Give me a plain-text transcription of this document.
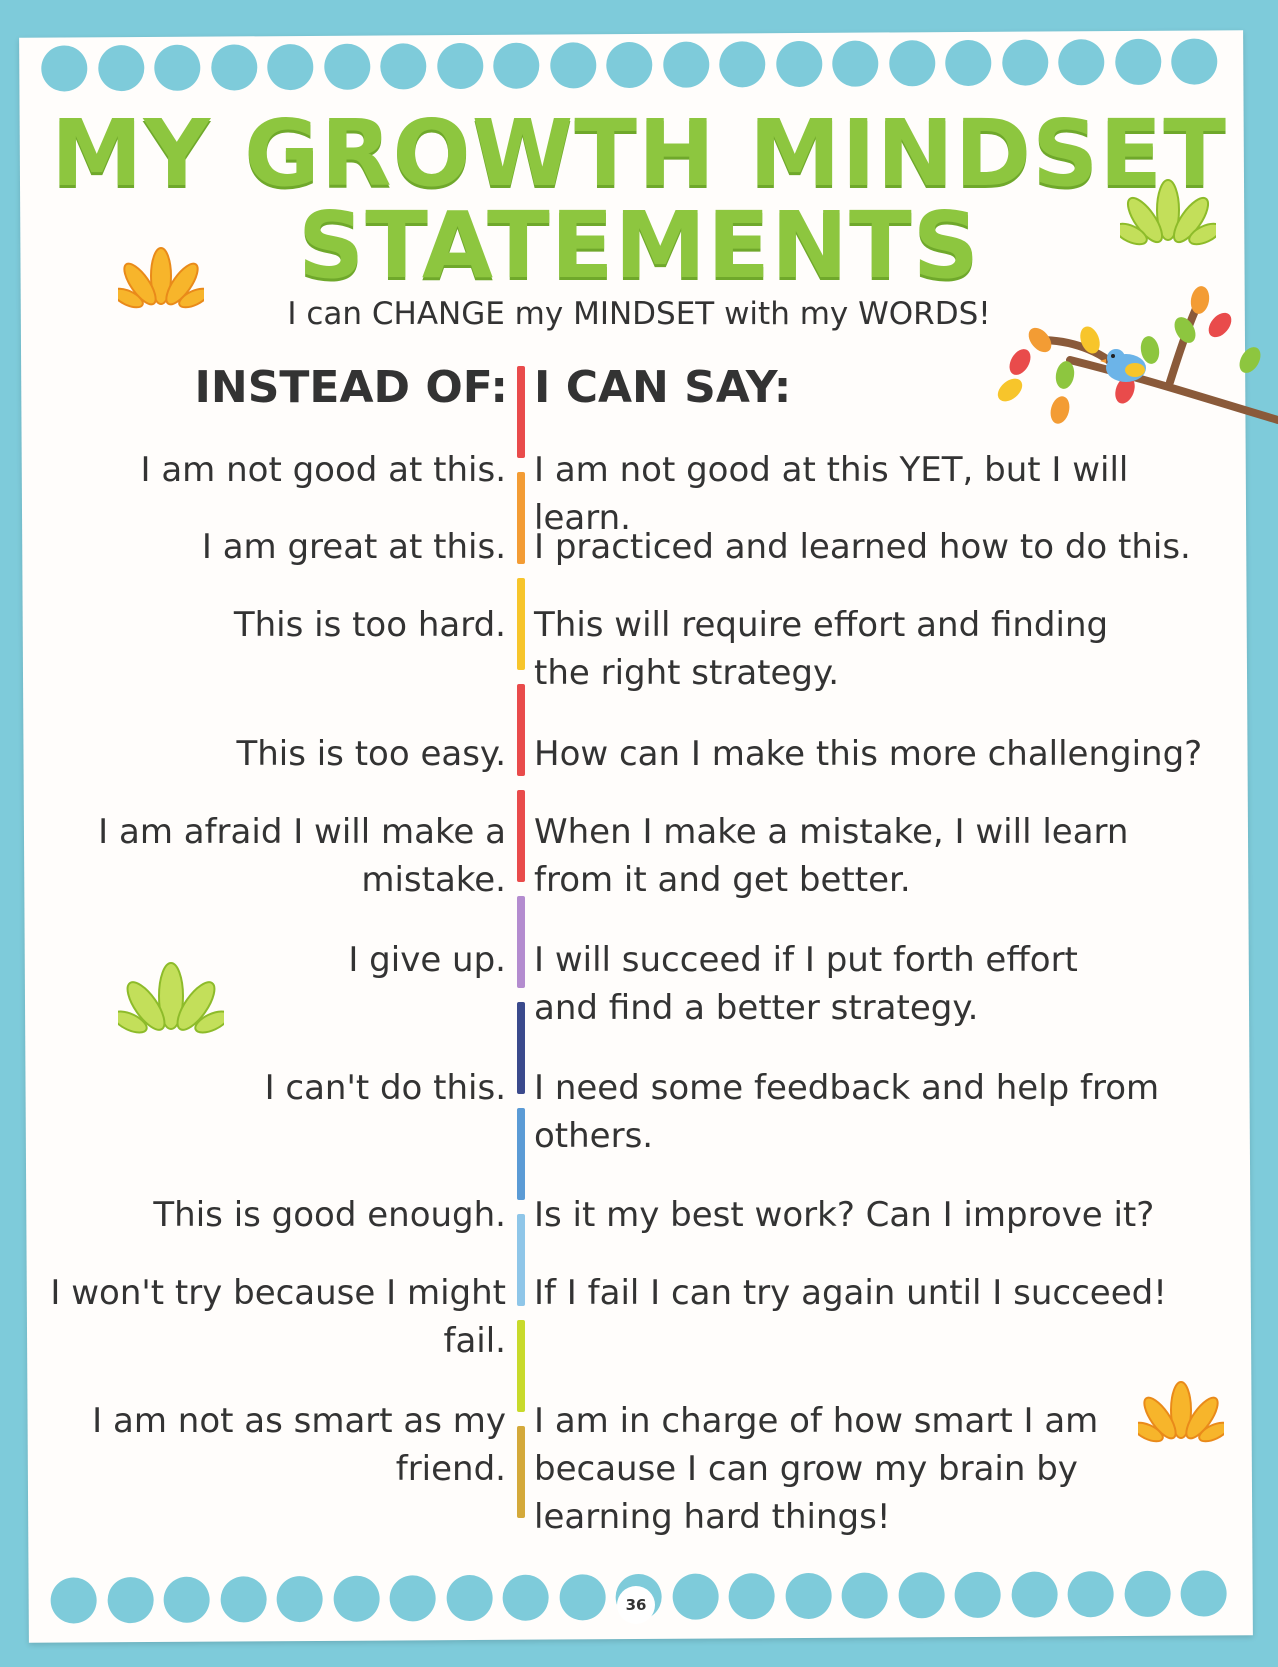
MY GROWTH MINDSET
STATEMENTS
I can CHANGE my MINDSET with my WORDS!
INSTEAD OF: I CAN SAY:
I am not good at this. I am not good at this YET, but I will learn.
I am great at this. I practiced and learned how to do this.
This is too hard. This will require effort and finding the right strategy.
This is too easy. How can I make this more challenging?
I am afraid I will make a mistake.
When I make a mistake, I will learn from it and get better.
I give up. I will succeed if I put forth effort and find a better strategy.
I can't do this. I need some feedback and help from others.
This is good enough. Is it my best work? Can I improve it?
I won't try because I might fail.
If I fail I can try again until I succeed!
I am not as smart as my friend.
I am in charge of how smart I am because I can grow my brain by learning hard things!
36
